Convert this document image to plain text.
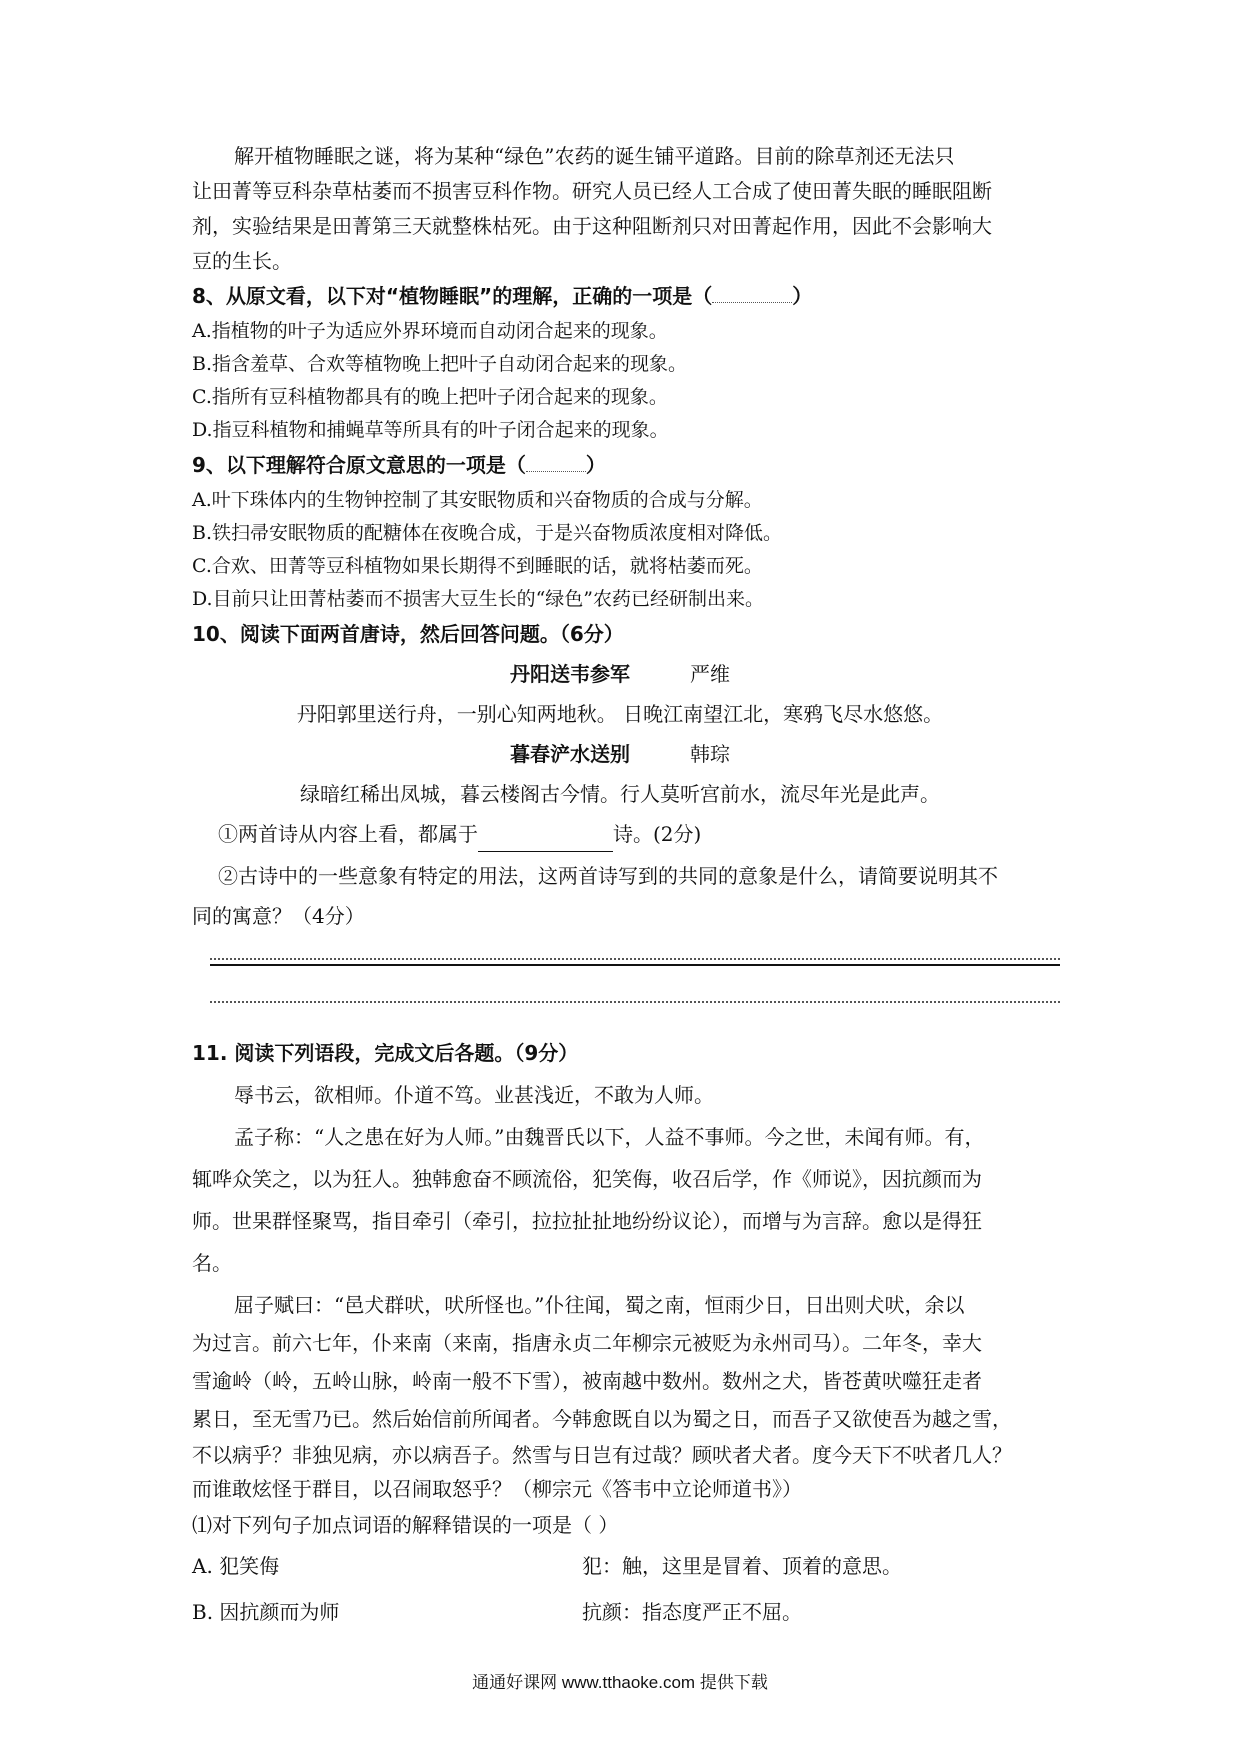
解开植物睡眠之谜，将为某种“绿色”农药的诞生铺平道路。目前的除草剂还无法只
让田菁等豆科杂草枯萎而不损害豆科作物。研究人员已经人工合成了使田菁失眠的睡眠阻断
剂，实验结果是田菁第三天就整株枯死。由于这种阻断剂只对田菁起作用，因此不会影响大
豆的生长。
8、从原文看，以下对“植物睡眠”的理解，正确的一项是（	）
A.指植物的叶子为适应外界环境而自动闭合起来的现象。
B.指含羞草、合欢等植物晚上把叶子自动闭合起来的现象。
C.指所有豆科植物都具有的晚上把叶子闭合起来的现象。
D.指豆科植物和捕蝇草等所具有的叶子闭合起来的现象。
9、以下理解符合原文意思的一项是（	）
A.叶下珠体内的生物钟控制了其安眠物质和兴奋物质的合成与分解。
B.铁扫帚安眠物质的配糖体在夜晚合成，于是兴奋物质浓度相对降低。
C.合欢、田菁等豆科植物如果长期得不到睡眠的话，就将枯萎而死。
D.目前只让田菁枯萎而不损害大豆生长的“绿色”农药已经研制出来。
10、阅读下面两首唐诗，然后回答问题。（6分）
丹阳送韦参军	严维
丹阳郭里送行舟，一别心知两地秋。 日晚江南望江北，寒鸦飞尽水悠悠。
暮春浐水送别	韩琮
绿暗红稀出凤城，暮云楼阁古今情。行人莫听宫前水，流尽年光是此声。
①两首诗从内容上看，都属于	诗。(2分)
②古诗中的一些意象有特定的用法，这两首诗写到的共同的意象是什么，请简要说明其不
同的寓意？（4分）
11. 阅读下列语段，完成文后各题。（9分）
辱书云，欲相师。仆道不笃。业甚浅近，不敢为人师。
孟子称：“人之患在好为人师。”由魏晋氏以下，人益不事师。今之世，未闻有师。有，
辄哗众笑之，以为狂人。独韩愈奋不顾流俗，犯笑侮，收召后学，作《师说》，因抗颜而为
师。世果群怪聚骂，指目牵引（牵引，拉拉扯扯地纷纷议论），而增与为言辞。愈以是得狂
名。
屈子赋曰：“邑犬群吠，吠所怪也。”仆往闻，蜀之南，恒雨少日，日出则犬吠，余以
为过言。前六七年，仆来南（来南，指唐永贞二年柳宗元被贬为永州司马）。二年冬，幸大
雪逾岭（岭，五岭山脉，岭南一般不下雪），被南越中数州。数州之犬，皆苍黄吠噬狂走者
累日，至无雪乃已。然后始信前所闻者。今韩愈既自以为蜀之日，而吾子又欲使吾为越之雪，
不以病乎？非独见病，亦以病吾子。然雪与日岂有过哉？顾吠者犬者。度今天下不吠者几人？
而谁敢炫怪于群目，以召闹取怒乎？（柳宗元《答韦中立论师道书》）
⑴对下列句子加点词语的解释错误的一项是（ ）
A. 犯笑侮	犯：触，这里是冒着、顶着的意思。
B. 因抗颜而为师	抗颜：指态度严正不屈。
通通好课网 www.tthaoke.com 提供下载
